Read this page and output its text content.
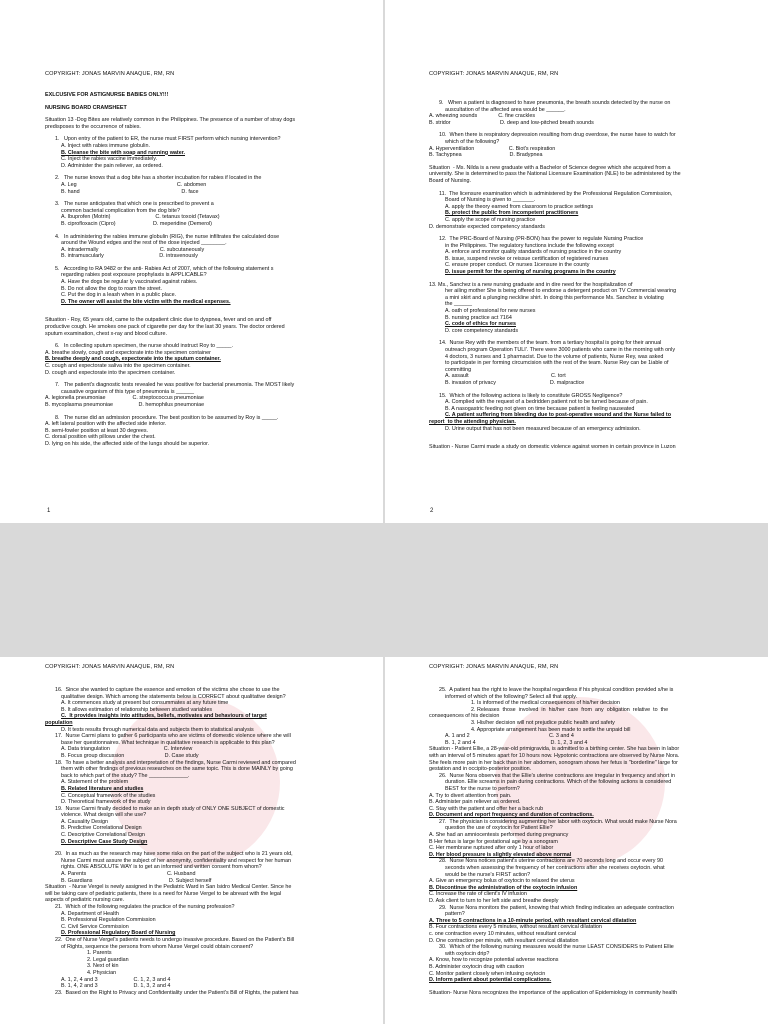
COPYRIGHT: JONAS MARVIN ANAQUE, RM, RN
EXLCUSIVE FOR ASTIGNURSE BABIES ONLY!!!
NURSING BOARD CRAMSHEET
Situation 13 -Dog Bites are relatively common in the Philippines. The presence of a number of stray dogs
predisposes to the occurrence of rabies.
1.   Upon entry of the patient to ER, the nurse must FIRST perform which nursing intervention?
A. Inject with rabies immune globulin.
B. Cleanse the bite with soap and running water.
C. Inject the rabies vaccine immediately.
D. Administer the pain reliever, as ordered.
2.   The nurse knows that a dog bite has a shorter incubation for rabies if located in the
A. Leg                                                                   C. abdomen
B. hand                                                                    D. face
3.   The nurse anticipates that which one is prescribed to prevent a
common bacterial complication from the dog bite?
A. Ibuprofen (Motrin)                              C. tetanus toxoid (Tetavax)
B. ciprofloxacin (Cipro)                         D. meperidine (Demerol)
4.   In administering the rabies immune globulin (RIG), the nurse infiltrates the calculated dose
around the Wound edges and the rest of the dose injected ________.
A. intradermally                                         C. subcutaneously
B. intramuscularly                                     D. intravenously
5.   According to RA 9482 or the anti- Rabies Act of 2007, which of the following statement s
regarding rabies post exposure prophylaxis is APPLICABLE?
A. Have the dogs be regular ly vaccinated against rabies.
B. Do not allow the dog to roam the street.
C. Put the dog in a leash when in a public place.
D. The owner will assist the bite victim with the medical expenses.
Situation - Roy, 65 years old, came to the outpatient clinic due to dyspnea, fever and on and off
productive cough. He smokes one pack of cigarette per day for the last 30 years. The doctor ordered
sputum examination, chest x-ray and blood culture.
6.   In collecting sputum specimen, the nurse should instruct Roy to _____.
A. breathe slowly, cough and expectorate into the specimen container
B. breathe deeply and cough, expectorate into the sputum container.
C. cough and expectorate saliva into the specimen container.
D. cough and expectorate into the specimen container.
7.   The patient's diagnostic tests revealed he was positive for bacterial pneumonia. The MOST likely
causative organism of this type of pneumonia is ______
A. legionella pneumoniae                  C. streptococcus pneumoniae
B. mycoplasma pneumoniae                 D. hemophilus pneumoniae
8.   The nurse did an admission procedure. The best position to be assumed by Roy is _____.
A. left lateral position with the affected side inferior.
B. semi-fowler position at least 30 degrees.
C. dorsal position with pillows under the chest.
D. lying on his side, the affected side of the lungs should be superior.
1
COPYRIGHT: JONAS MARVIN ANAQUE, RM, RN
9.   When a patient is diagnosed to have pneumonia, the breath sounds detected by the nurse on
auscultation of the affected area would be ______.
A. wheezing sounds              C. fine crackles
B. stridor                                 D. deep and low-pitched breath sounds
10.  When there is respiratory depression resulting from drug overdose, the nurse have to watch for
which of the following?
A. Hyperventilation                       C. Biot's respiration
B. Tachypnea                                D. Bradypnea
Situation  - Ms. Nilda is a new graduate with a Bachelor of Science degree which she acquired from a
university. She is determined to pass the National Licensure Examination (NLE) to be administered by the
Board of Nursing.
11.  The licensure examination which is administered by the Professional Regulation Commission,
Board of Nursing is given to _______.
A. apply the theory earned from classroom to practice settings
B. protect the public from incompetent practitioners
C. apply the scope of nursing practice
D. demonstrate expected competency standards
12.  The PRC-Board of Nursing (PR-BON) has the power to regulate Nursing Practice
in the Philippines. The regulatory functions include the following except
A. enforce and monitor quality standards of nursing practice in the country
B. issue, suspend revoke or reissue certification of registered nurses
C. ensure proper conduct. Or nurses 1icensure in the county
D. issue permit for the opening of nursing programs in the country
13. Ms., Sanchez is a new nursing graduate and in dire need for the hospitalization of
her ailing mother She is being offered to endorse a detergent product on TV Commercial wearing
a mini skirt and a plunging neckline shirt. In doing this performance Ms. Sanchez is violating
the ______
A. oath of professional for new nurses
B. nursing practice act 7164
C. code of ethics for nurses
D. core competency standards
14.  Nurse Rey with the members of the team. from a tertiary hospital is going for their annual
outreach program Operation TULI'. There were 3000 patients who came in the morning with only
4 doctors, 3 nurses and 1 pharmacist. Due to the volume of patients, Nurse Rey, was asked
to participate in per forming circumcision with the rest of the team. Nurse Rey can be 1iable of
committing
A. assault                                                       C. tort
B. invasion of privacy                                    D. malpractice
15.  Which of the following actions is likely to constitute GROSS Negligence?
A. Complied with the request of a bedridden patient not to be turned because of pain.
B. A nasogastric feeding not given on time because patient is feeling nauseated
C. A patient suffering from bleeding due to post-operative wound and the Nurse failed to
report  to the attending physician.
D. Urine output that has not been measured because of an emergency admission.
Situation - Nurse Carmi made a study on domestic violence against women in certain province in Luzon
2
COPYRIGHT: JONAS MARVIN ANAQUE, RM, RN
16.  Since she wanted to capture the essence and emotion of the victims she chose to use the
qualitative design. Which among the statements below is CORRECT about qualitative design?
A. It commences study at present but consummates at any future time
B. It allows estimation of relationship between studied variables
C.  It provides insights into attitudes, beliefs, motivates and behaviours of target
population
D. It tests results through numerical data and subjects them to statistical analysis
17.  Nurse Carmi plans to gather 6 participants who are victims of domestic violence where she will
base her questionnaires. What technique in qualitative research is applicable to this plan?
A. Data triangulation                                    C. Interview
B. Focus group discussion                           D. Case study
18.  To have a better analysis and interpretation of the findings, Nurse Carmi reviewed and compared
them with other findings of previous researches on the same topic. This is done MAINLY by going
back to which part of the study? The _____________.
A. Statement of the problem
B. Related literature and studies
C. Conceptual framework of the studies
D. Theoretical framework of the study
19.  Nurse Carmi finally decided to make an in depth study of ONLY ONE SUBJECT of domestic
violence. What design will she use?
A. Causality Design
B. Predictive Correlational Design
C. Descriptive Correlational Design
D. Descriptive Case Study Design
20.  In as much as the research may have some risks on the part of the subject who is 21 years old,
Nurse Carmi must assure the subject of her anonymity, confidentiality and respect for her human
rights. ONE ABSOLUTE WAY is to get an informed and written consent from whom?
A. Parents                                                      C. Husband
B. Guardians                                                   D. Subject herself
Situation  - Nurse Vergel is newly assigned in the Pediatric Ward in San Isidro Medical Center. Since he
will be taking care of pediatric patients, there is a need for Nurse Vergel to be abreast with the legal
aspects of pediatric nursing care.
21.  Which of the following regulates the practice of the nursing profession?
A. Department of Health
B. Professional Regulation Commission
C. Civil Service Commission
D. Professional Regulatory Board of Nursing
22.  One of Nurse Vergel's patients needs to undergo invasive procedure. Based on the Patient's Bill
of Rights, sequence the persons from whom Nurse Vergel could obtain consent?
1. Parents
2. Legal guardian
3. Next of kin
4. Physician
A. 1, 2, 4 and 3                        C. 1, 2, 3 and 4
B. 1, 4, 2 and 3                        D. 1, 3, 2 and 4
23.  Based on the Right to Privacy and Confidentiality under the Patient's Bill of Rights, the patient has
COPYRIGHT: JONAS MARVIN ANAQUE, RM, RN
25.  A patient has the right to leave the hospital regardless if his physical condition provided s/he is
informed of which of the following? Select all that apply.
1. Is informed of the medical consequences of his/her decision
2. Releases  those  involved  in  his/her  care  from  any  obligation  relative  to  the
consequences of his decision
3. His/her decision will not prejudice public health and safety
4. Appropriate arrangement has been made to settle the unpaid bill
A. 1 and 2                                                     C. 3 and 4
B. 1, 2 and 4                                                  D. 1, 2, 3 and 4
Situation - Patient Ellie, a 28-year-old primigravida, is admitted to a birthing center. She has been in labor
with an interval of 5 minutes apart for 10 hours now. Hypotonic contractions are observed by Nurse Nora.
She feels more pain in her back than in her abdomen, sonogram shows her fetus is "borderline" large for
gestation and in occipito-posterior position.
26.  Nurse Nora observes that the Ellie's uterine contractions are irregular in frequency and short in
duration. Ellie screams in pain during contractions. Which of the following actions is considered
BEST for the nurse to perform?
A. Try to divert attention from pain.
B. Administer pain reliever as ordered.
C. Stay with the patient and offer her a back rub
D. Document and report frequency and duration of contractions.
27.  The physician is considering augmenting her labor with oxytocin. What would make Nurse Nora
question the use of oxytocin for Patient Ellie?
A. She had an amniocentesis performed during pregnancy
B Her fetus is large for gestational age by a sonogram
C. Her membrane ruptured after only 1 hour of labor
D. Her blood pressure is slightly elevated above normal
28.  Nurse Nora notices patient's uterine contractions are 70 seconds long and occur every 90
seconds when assessing the frequency of her contractions after she receives oxytocin. what
would be the nurse's FIRST action?
A. Give an emergency bolus of oxytocin to relaxed the uterus
B. Discontinue the administration of the oxytocin infusion
C. Increase the rate of client's IV infusion
D. Ask client to turn to her left side and breathe deeply
29.  Nurse Nora monitors the patient, knowing that which finding indicates an adequate contraction
pattern?
A. Three to 5 contractions in a 10-minute period, with resultant cervical dilatation
B. Four contractions every 5 minutes, without resultant cervical dilatation
c. one contraction every 10 minutes, without resultant cervical
D. One contraction per minute, with resultant cervical dilatation
30.  Which of the following nursing measures would the nurse LEAST CONSIDERS to Patient Ellie
with oxytocin drip?
A. Know, how to recognize potential adverse reactions
B. Administer oxytocin drug with caution
C. Monitor patient closely when infusing oxytocin
D. Inform patient about potential complications.
Situation- Nurse Nora recognizes the importance of the application of Epidemiology in community health
